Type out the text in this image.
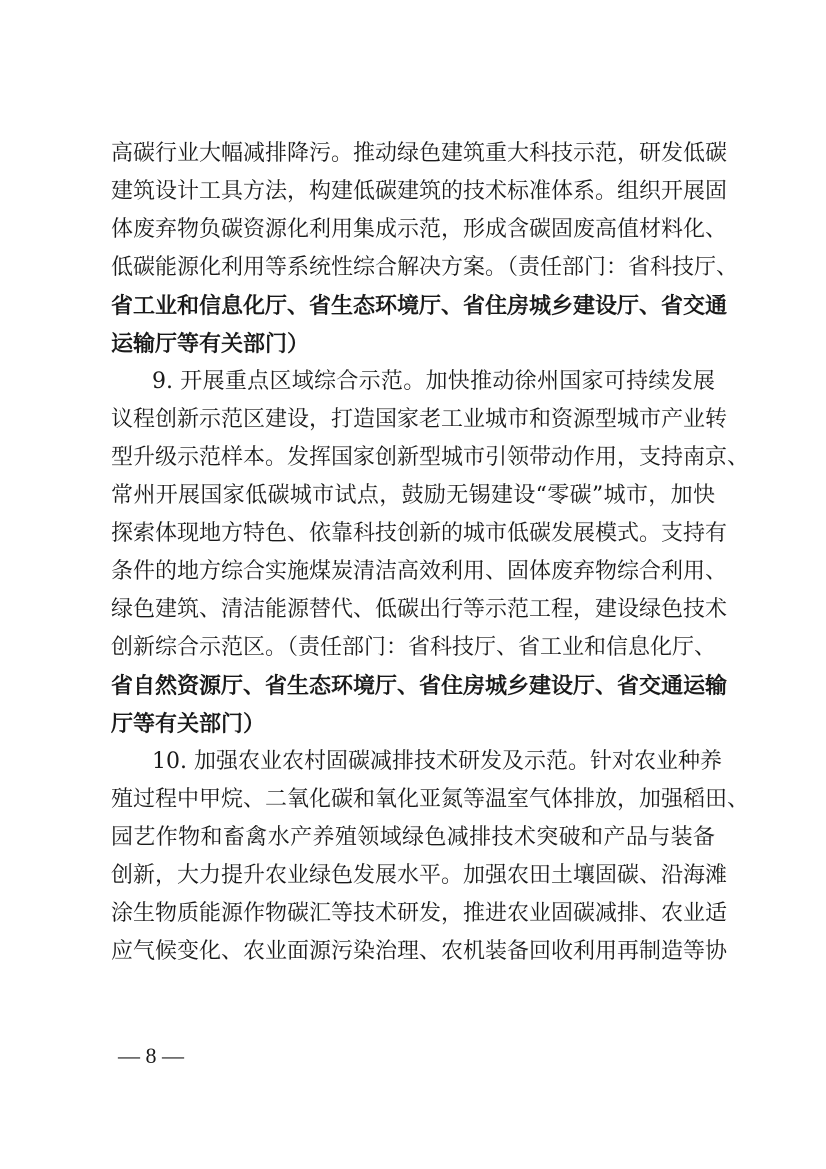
高碳行业大幅减排降污。推动绿色建筑重大科技示范，研发低碳
建筑设计工具方法，构建低碳建筑的技术标准体系。组织开展固
体废弃物负碳资源化利用集成示范，形成含碳固废高值材料化、
低碳能源化利用等系统性综合解决方案。（责任部门：省科技厅、
省工业和信息化厅、省生态环境厅、省住房城乡建设厅、省交通
运输厅等有关部门）
9. 开展重点区域综合示范。加快推动徐州国家可持续发展
议程创新示范区建设，打造国家老工业城市和资源型城市产业转
型升级示范样本。发挥国家创新型城市引领带动作用，支持南京、
常州开展国家低碳城市试点，鼓励无锡建设“零碳”城市，加快
探索体现地方特色、依靠科技创新的城市低碳发展模式。支持有
条件的地方综合实施煤炭清洁高效利用、固体废弃物综合利用、
绿色建筑、清洁能源替代、低碳出行等示范工程，建设绿色技术
创新综合示范区。（责任部门：省科技厅、省工业和信息化厅、
省自然资源厅、省生态环境厅、省住房城乡建设厅、省交通运输
厅等有关部门）
10. 加强农业农村固碳减排技术研发及示范。针对农业种养
殖过程中甲烷、二氧化碳和氧化亚氮等温室气体排放，加强稻田、
园艺作物和畜禽水产养殖领域绿色减排技术突破和产品与装备
创新，大力提升农业绿色发展水平。加强农田土壤固碳、沿海滩
涂生物质能源作物碳汇等技术研发，推进农业固碳减排、农业适
应气候变化、农业面源污染治理、农机装备回收利用再制造等协
— 8 —
